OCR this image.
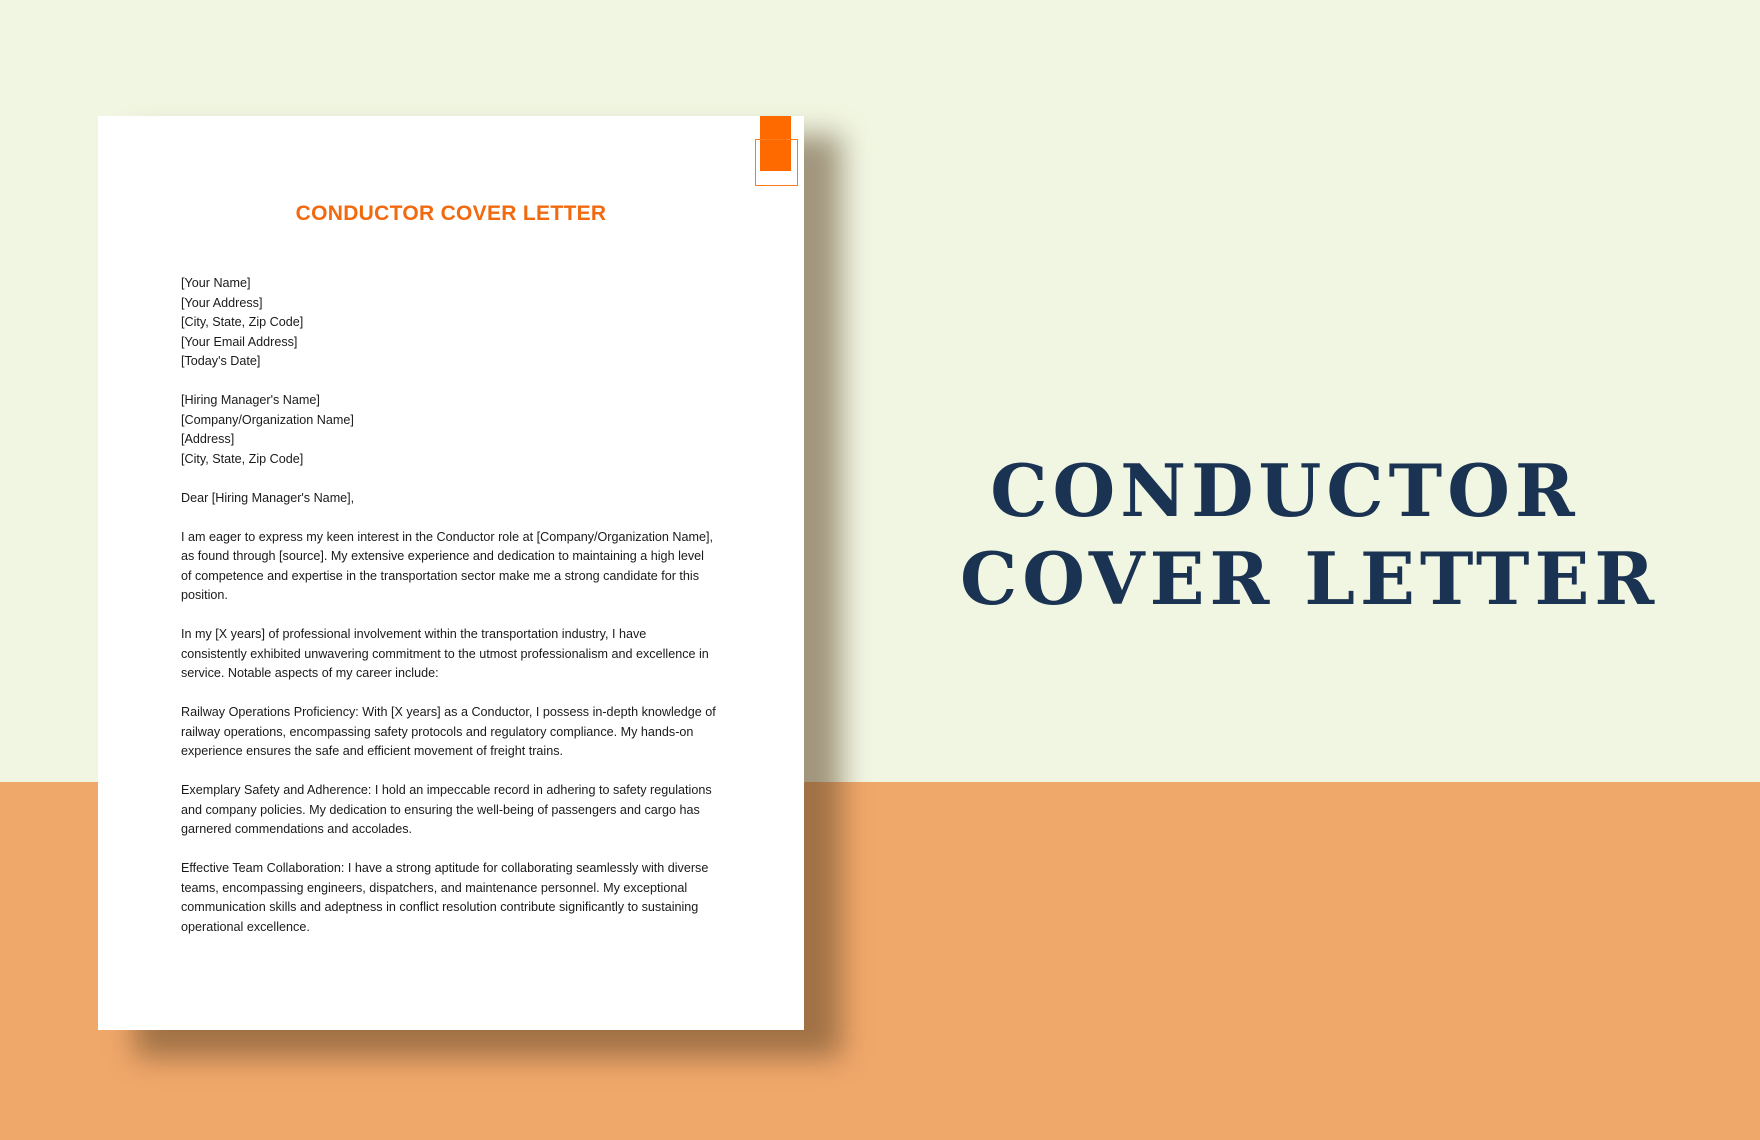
CONDUCTOR COVER LETTER
[Your Name]
[Your Address]
[City, State, Zip Code]
[Your Email Address]
[Today's Date]
[Hiring Manager's Name]
[Company/Organization Name]
[Address]
[City, State, Zip Code]
Dear [Hiring Manager's Name],
I am eager to express my keen interest in the Conductor role at [Company/Organization Name],
as found through [source]. My extensive experience and dedication to maintaining a high level
of competence and expertise in the transportation sector make me a strong candidate for this
position.
In my [X years] of professional involvement within the transportation industry, I have
consistently exhibited unwavering commitment to the utmost professionalism and excellence in
service. Notable aspects of my career include:
Railway Operations Proficiency: With [X years] as a Conductor, I possess in-depth knowledge of
railway operations, encompassing safety protocols and regulatory compliance. My hands-on
experience ensures the safe and efficient movement of freight trains.
Exemplary Safety and Adherence: I hold an impeccable record in adhering to safety regulations
and company policies. My dedication to ensuring the well-being of passengers and cargo has
garnered commendations and accolades.
Effective Team Collaboration: I have a strong aptitude for collaborating seamlessly with diverse
teams, encompassing engineers, dispatchers, and maintenance personnel. My exceptional
communication skills and adeptness in conflict resolution contribute significantly to sustaining
operational excellence.
CONDUCTOR
COVER LETTER
